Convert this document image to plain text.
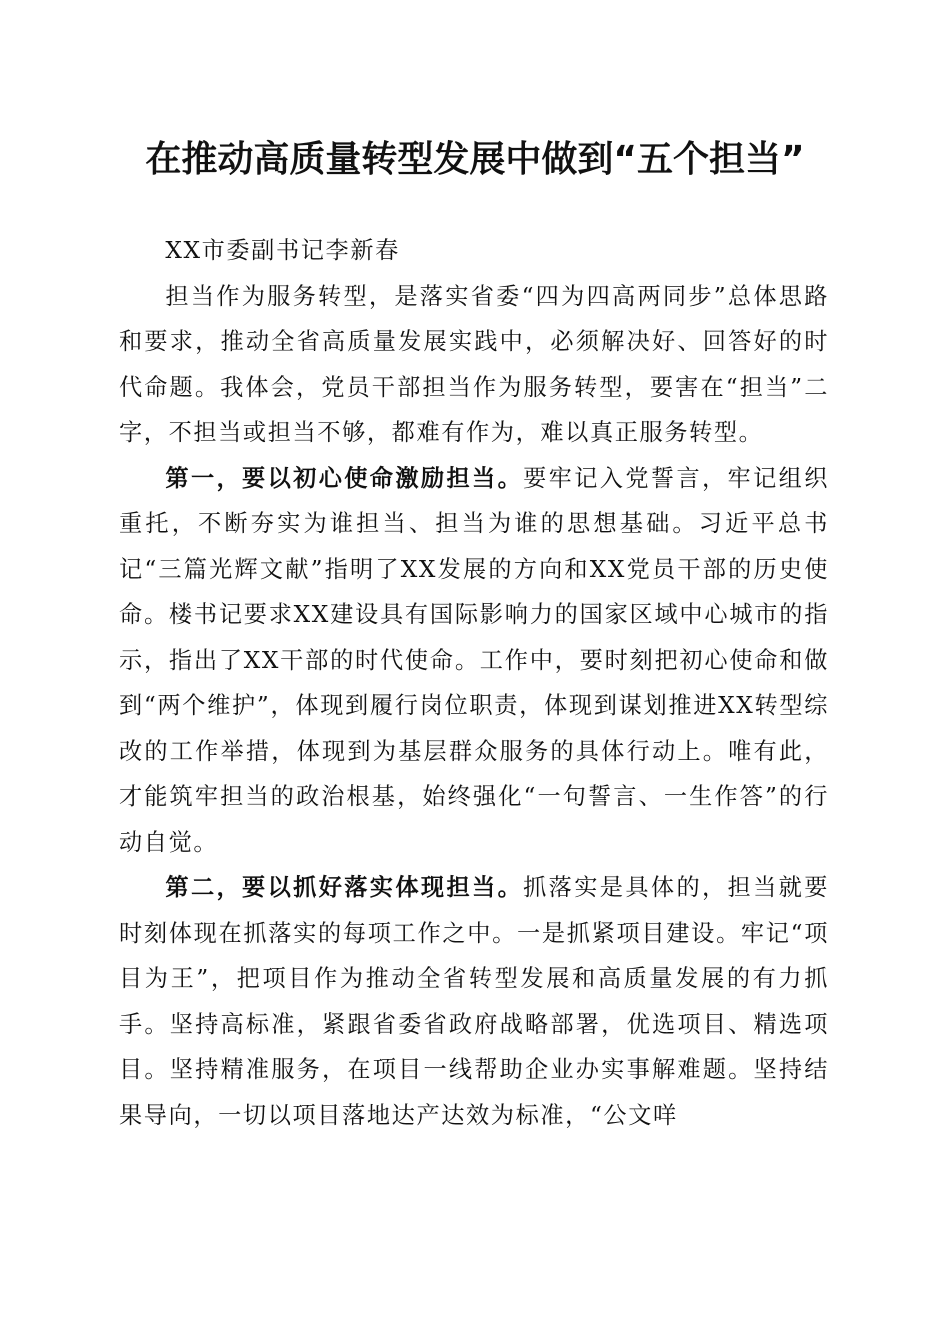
在推动高质量转型发展中做到“五个担当”

XX市委副书记李新春

担当作为服务转型，是落实省委“四为四高两同步”总体思路和要求，推动全省高质量发展实践中，必须解决好、回答好的时代命题。我体会，党员干部担当作为服务转型，要害在“担当”二字，不担当或担当不够，都难有作为，难以真正服务转型。

第一，要以初心使命激励担当。要牢记入党誓言，牢记组织重托，不断夯实为谁担当、担当为谁的思想基础。习近平总书记“三篇光辉文献”指明了XX发展的方向和XX党员干部的历史使命。楼书记要求XX建设具有国际影响力的国家区域中心城市的指示，指出了XX干部的时代使命。工作中，要时刻把初心使命和做到“两个维护”，体现到履行岗位职责，体现到谋划推进XX转型综改的工作举措，体现到为基层群众服务的具体行动上。唯有此，才能筑牢担当的政治根基，始终强化“一句誓言、一生作答”的行动自觉。

第二，要以抓好落实体现担当。抓落实是具体的，担当就要时刻体现在抓落实的每项工作之中。一是抓紧项目建设。牢记“项目为王”，把项目作为推动全省转型发展和高质量发展的有力抓手。坚持高标准，紧跟省委省政府战略部署，优选项目、精选项目。坚持精准服务，在项目一线帮助企业办实事解难题。坚持结果导向，一切以项目落地达产达效为标准，“公文咩
